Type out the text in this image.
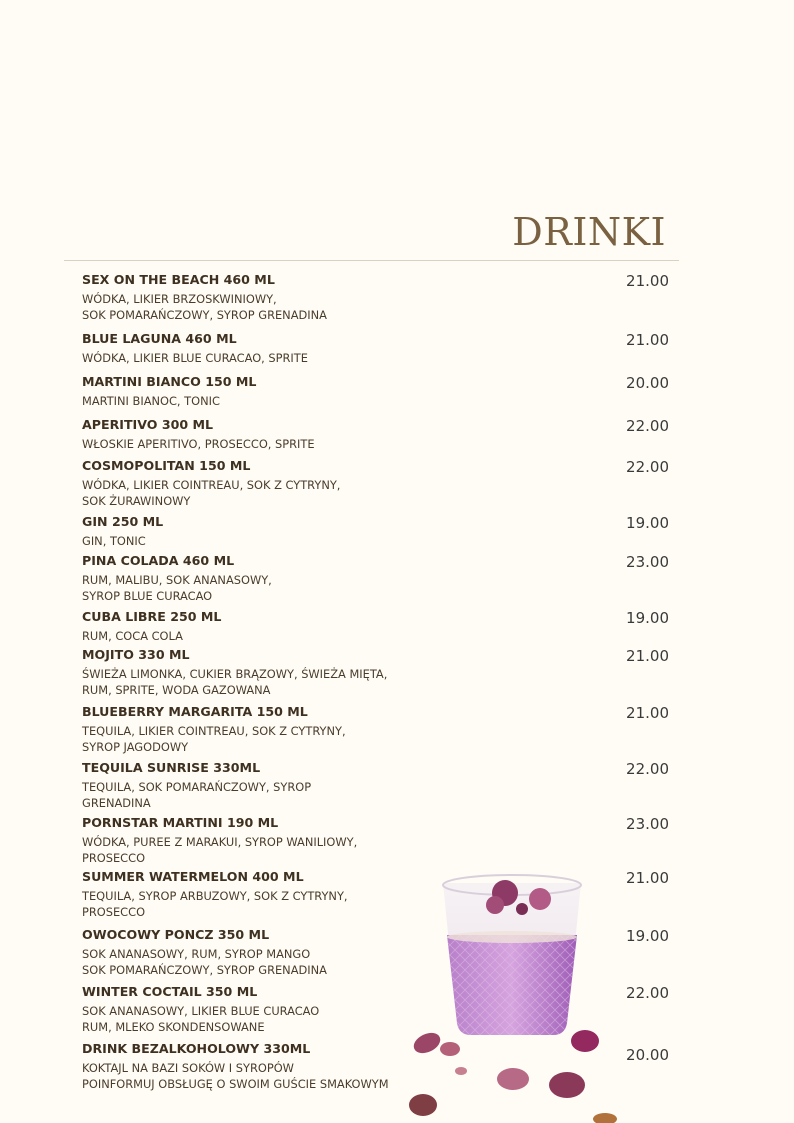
DRINKI
SEX ON THE BEACH 460 ML
WÓDKA, LIKIER BRZOSKWINIOWY,
SOK POMARAŃCZOWY, SYROP GRENADINA
21.00
BLUE LAGUNA 460 ML
WÓDKA, LIKIER BLUE CURACAO, SPRITE
21.00
MARTINI BIANCO 150 ML
MARTINI BIANOC, TONIC
20.00
APERITIVO 300 ML
WŁOSKIE APERITIVO, PROSECCO, SPRITE
22.00
COSMOPOLITAN 150 ML
WÓDKA, LIKIER COINTREAU, SOK Z CYTRYNY,
SOK ŻURAWINOWY
22.00
GIN 250 ML
GIN, TONIC
19.00
PINA COLADA 460 ML
RUM, MALIBU, SOK ANANASOWY,
SYROP BLUE CURACAO
23.00
CUBA LIBRE 250 ML
RUM, COCA COLA
19.00
MOJITO 330 ML
ŚWIEŻA LIMONKA, CUKIER BRĄZOWY, ŚWIEŻA MIĘTA,
RUM, SPRITE, WODA GAZOWANA
21.00
BLUEBERRY MARGARITA 150 ML
TEQUILA, LIKIER COINTREAU, SOK Z CYTRYNY,
SYROP JAGODOWY
21.00
TEQUILA SUNRISE 330ML
TEQUILA, SOK POMARAŃCZOWY, SYROP
GRENADINA
22.00
PORNSTAR MARTINI 190 ML
WÓDKA, PUREE Z MARAKUI, SYROP WANILIOWY,
PROSECCO
23.00
SUMMER WATERMELON 400 ML
TEQUILA, SYROP ARBUZOWY, SOK Z CYTRYNY,
PROSECCO
21.00
OWOCOWY PONCZ 350 ML
SOK ANANASOWY, RUM, SYROP MANGO
SOK POMARAŃCZOWY, SYROP GRENADINA
19.00
WINTER COCTAIL 350 ML
SOK ANANASOWY, LIKIER BLUE CURACAO
RUM, MLEKO SKONDENSOWANE
22.00
DRINK BEZALKOHOLOWY 330ML
KOKTAJL NA BAZI SOKÓW I SYROPÓW
POINFORMUJ OBSŁUGĘ O SWOIM GUŚCIE SMAKOWYM
20.00
